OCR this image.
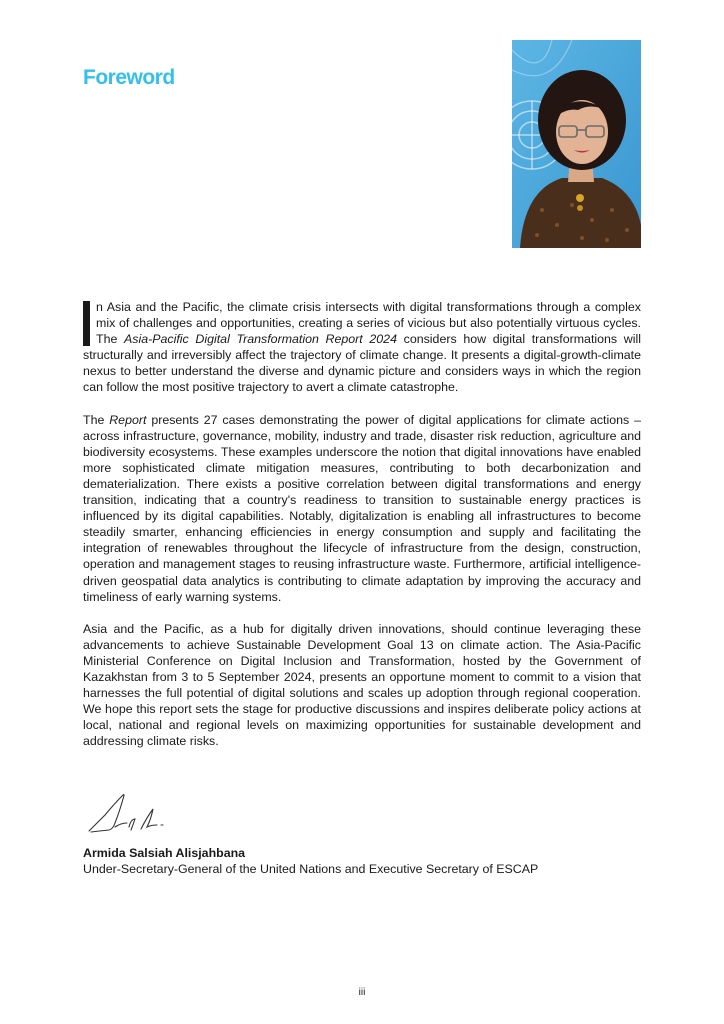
Foreword

n Asia and the Pacific, the climate crisis intersects with digital transformations through a complex mix of challenges and opportunities, creating a series of vicious but also potentially virtuous cycles. The Asia-Pacific Digital Transformation Report 2024 considers how digital transformations will structurally and irreversibly affect the trajectory of climate change. It presents a digital-growth-climate nexus to better understand the diverse and dynamic picture and considers ways in which the region can follow the most positive trajectory to avert a climate catastrophe.

The Report presents 27 cases demonstrating the power of digital applications for climate actions – across infrastructure, governance, mobility, industry and trade, disaster risk reduction, agriculture and biodiversity ecosystems. These examples underscore the notion that digital innovations have enabled more sophisticated climate mitigation measures, contributing to both decarbonization and dematerialization. There exists a positive correlation between digital transformations and energy transition, indicating that a country's readiness to transition to sustainable energy practices is influenced by its digital capabilities. Notably, digitalization is enabling all infrastructures to become steadily smarter, enhancing efficiencies in energy consumption and supply and facilitating the integration of renewables throughout the lifecycle of infrastructure from the design, construction, operation and management stages to reusing infrastructure waste. Furthermore, artificial intelligence-driven geospatial data analytics is contributing to climate adaptation by improving the accuracy and timeliness of early warning systems.

Asia and the Pacific, as a hub for digitally driven innovations, should continue leveraging these advancements to achieve Sustainable Development Goal 13 on climate action. The Asia-Pacific Ministerial Conference on Digital Inclusion and Transformation, hosted by the Government of Kazakhstan from 3 to 5 September 2024, presents an opportune moment to commit to a vision that harnesses the full potential of digital solutions and scales up adoption through regional cooperation. We hope this report sets the stage for productive discussions and inspires deliberate policy actions at local, national and regional levels on maximizing opportunities for sustainable development and addressing climate risks.

Armida Salsiah Alisjahbana
Under-Secretary-General of the United Nations and Executive Secretary of ESCAP
iii
